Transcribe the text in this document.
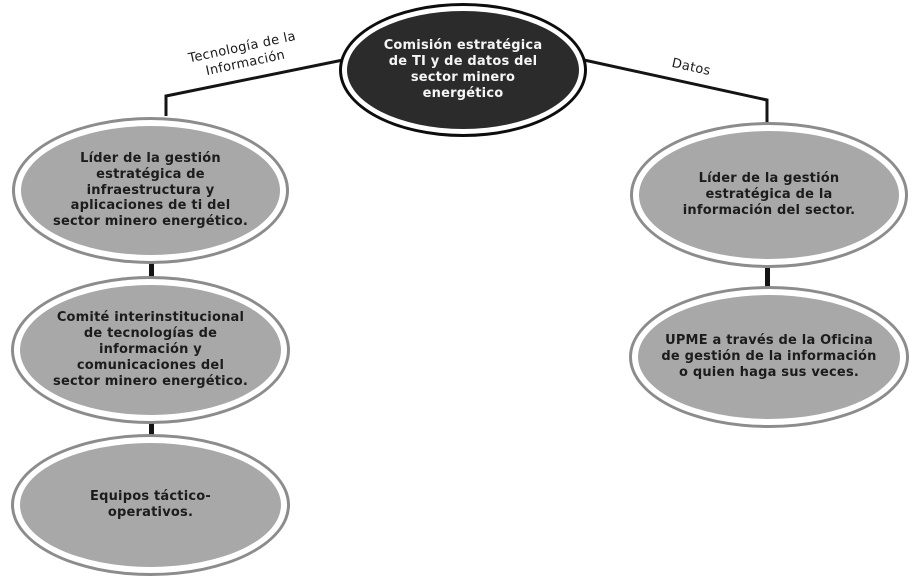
Tecnología de la Información	Datos
Comisión estratégica de TI y de datos del sector minero energético
Líder de la gestión estratégica de infraestructura y aplicaciones de ti del sector minero energético.
Comité interinstitucional de tecnologías de información y comunicaciones del sector minero energético.
Equipos táctico-operativos.
Líder de la gestión estratégica de la información del sector.
UPME a través de la Oficina de gestión de la información o quien haga sus veces.
